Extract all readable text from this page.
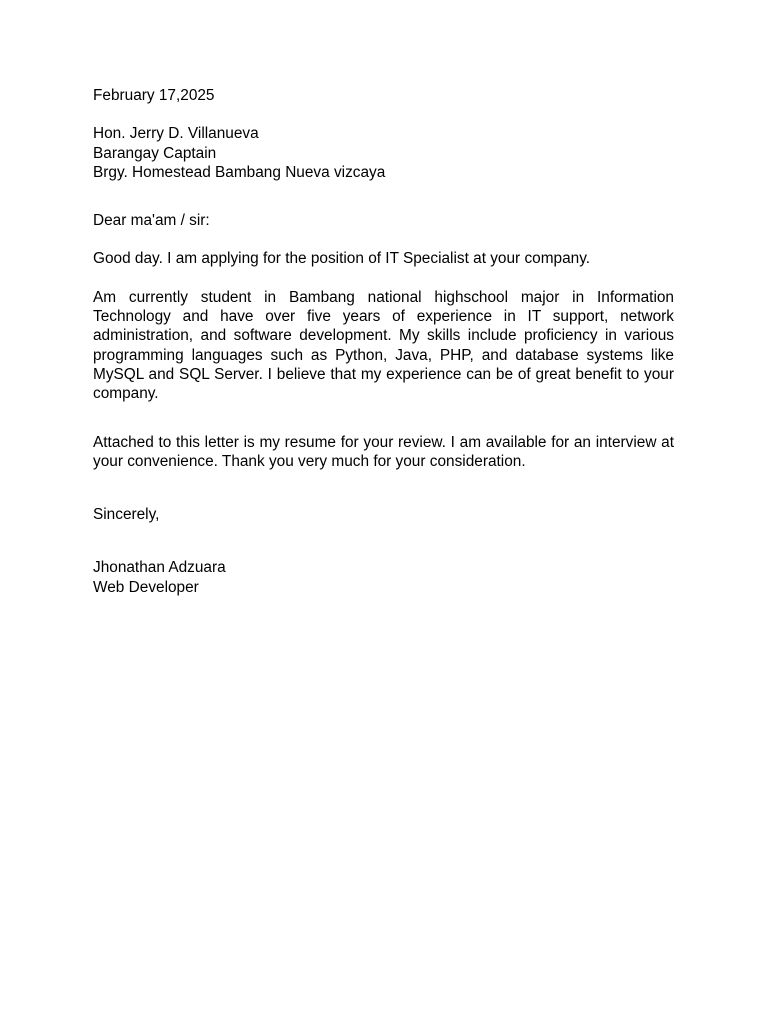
February 17,2025
Hon. Jerry D. Villanueva
Barangay Captain
Brgy. Homestead Bambang Nueva vizcaya
Dear ma'am / sir:
Good day. I am applying for the position of IT Specialist at your company.
Am currently student in Bambang national highschool major in Information Technology and have over five years of experience in IT support, network administration, and software development. My skills include proficiency in various programming languages such as Python, Java, PHP, and database systems like MySQL and SQL Server. I believe that my experience can be of great benefit to your company.
Attached to this letter is my resume for your review. I am available for an interview at your convenience. Thank you very much for your consideration.
Sincerely,
Jhonathan Adzuara
Web Developer
